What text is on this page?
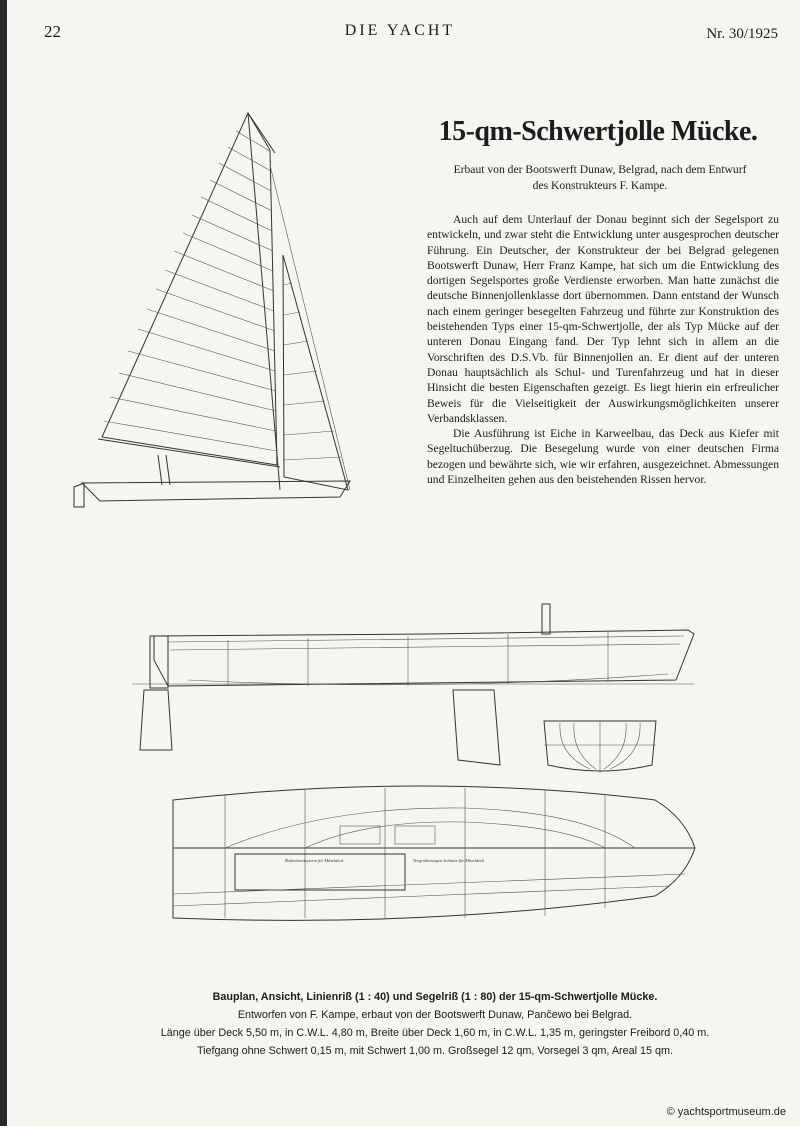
22	DIE YACHT	Nr. 30/1925
15-qm-Schwertjolle Mücke.
Erbaut von der Bootswerft Dunaw, Belgrad, nach dem Entwurf
des Konstrukteurs F. Kampe.

Auch auf dem Unterlauf der Donau beginnt sich der Segelsport zu entwickeln, und zwar steht die Entwicklung unter ausgesprochen deutscher Führung. Ein Deutscher, der Konstrukteur der bei Belgrad gelegenen Bootswerft Dunaw, Herr Franz Kampe, hat sich um die Entwicklung des dortigen Segelsportes große Verdienste erworben. Man hatte zunächst die deutsche Binnenjollenklasse dort übernommen. Dann entstand der Wunsch nach einem geringer besegelten Fahrzeug und führte zur Konstruktion des beistehenden Typs einer 15-qm-Schwertjolle, der als Typ Mücke auf der unteren Donau Eingang fand. Der Typ lehnt sich in allem an die Vorschriften des D.S.Vb. für Binnenjollen an. Er dient auf der unteren Donau hauptsächlich als Schul- und Turenfahrzeug und hat in dieser Hinsicht die besten Eigenschaften gezeigt. Es liegt hierin ein erfreulicher Beweis für die Vielseitigkeit der Auswirkungsmöglichkeiten unserer Verbandsklassen.

Die Ausführung ist Eiche in Karweelbau, das Deck aus Kiefer mit Segeltuchüberzug. Die Besegelung wurde von einer deutschen Firma bezogen und bewährte sich, wie wir erfahren, ausgezeichnet. Abmessungen und Einzelheiten gehen aus den beistehenden Rissen hervor.

Bodenbrettsystem für Mitteldeck	Vergrößerungen Schnitte für Mitteldeck
Bauplan, Ansicht, Linienriß (1 : 40) und Segelriß (1 : 80) der 15-qm-Schwertjolle Mücke.
Entworfen von F. Kampe, erbaut von der Bootswerft Dunaw, Pančewo bei Belgrad.
Länge über Deck 5,50 m, in C.W.L. 4,80 m, Breite über Deck 1,60 m, in C.W.L. 1,35 m, geringster Freibord 0,40 m.
Tiefgang ohne Schwert 0,15 m, mit Schwert 1,00 m. Großsegel 12 qm, Vorsegel 3 qm, Areal 15 qm.
© yachtsportmuseum.de
